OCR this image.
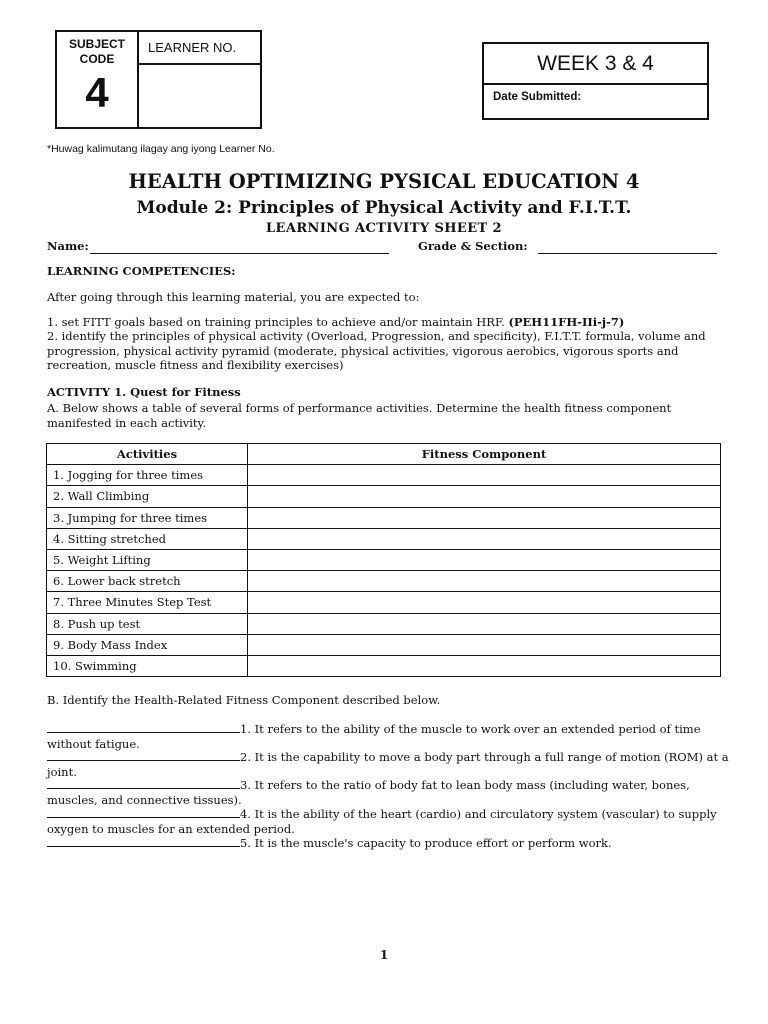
SUBJECT CODE
4
LEARNER NO.
*Huwag kalimutang ilagay ang iyong Learner No.
WEEK 3 & 4
Date Submitted:
HEALTH OPTIMIZING PYSICAL EDUCATION 4
Module 2: Principles of Physical Activity and F.I.T.T.
LEARNING ACTIVITY SHEET 2
Name:	Grade & Section:
LEARNING COMPETENCIES:
After going through this learning material, you are expected to:
1. set FITT goals based on training principles to achieve and/or maintain HRF. (PEH11FH-IIi-j-7)
2. identify the principles of physical activity (Overload, Progression, and specificity), F.I.T.T. formula, volume and progression, physical activity pyramid (moderate, physical activities, vigorous aerobics, vigorous sports and recreation, muscle fitness and flexibility exercises)
ACTIVITY 1. Quest for Fitness
A. Below shows a table of several forms of performance activities. Determine the health fitness component manifested in each activity.
Activities	Fitness Component
1. Jogging for three times	
2. Wall Climbing	
3. Jumping for three times	
4. Sitting stretched	
5. Weight Lifting	
6. Lower back stretch	
7. Three Minutes Step Test	
8. Push up test	
9. Body Mass Index	
10. Swimming	
B. Identify the Health-Related Fitness Component described below.
1. It refers to the ability of the muscle to work over an extended period of time without fatigue.
2. It is the capability to move a body part through a full range of motion (ROM) at a joint.
3. It refers to the ratio of body fat to lean body mass (including water, bones, muscles, and connective tissues).
4. It is the ability of the heart (cardio) and circulatory system (vascular) to supply oxygen to muscles for an extended period.
5. It is the muscle's capacity to produce effort or perform work.
1
